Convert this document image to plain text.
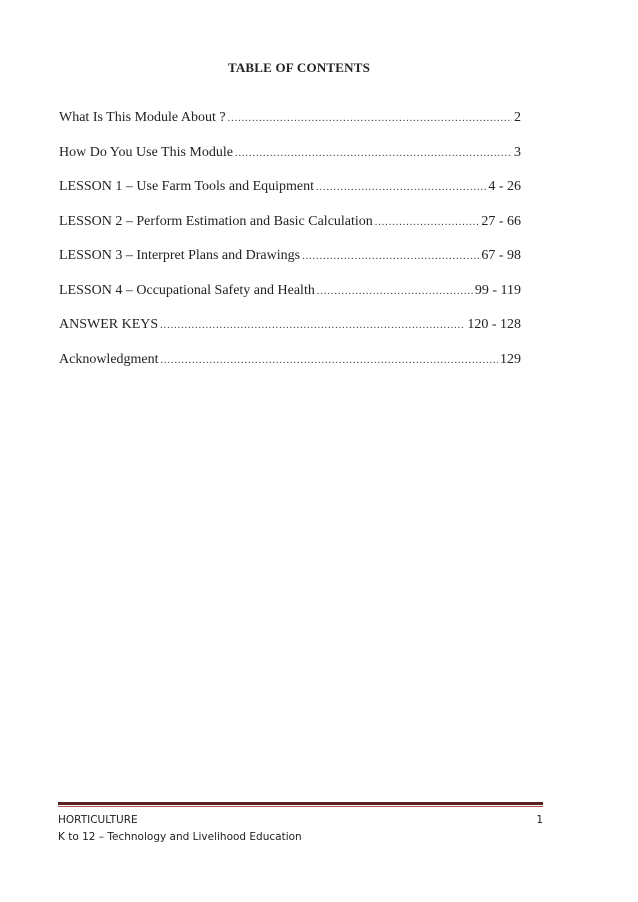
TABLE OF CONTENTS
What Is This Module About ? .....	2
How Do You Use This Module .....	3
LESSON 1 – Use Farm Tools and Equipment .....	4 - 26
LESSON 2 – Perform Estimation and Basic Calculation .....	27 - 66
LESSON 3 – Interpret Plans and Drawings .....	67 - 98
LESSON 4 – Occupational Safety and Health .....	99 - 119
ANSWER KEYS .....	120 - 128
Acknowledgment .....	129
HORTICULTURE
K to 12 – Technology and Livelihood Education
1
